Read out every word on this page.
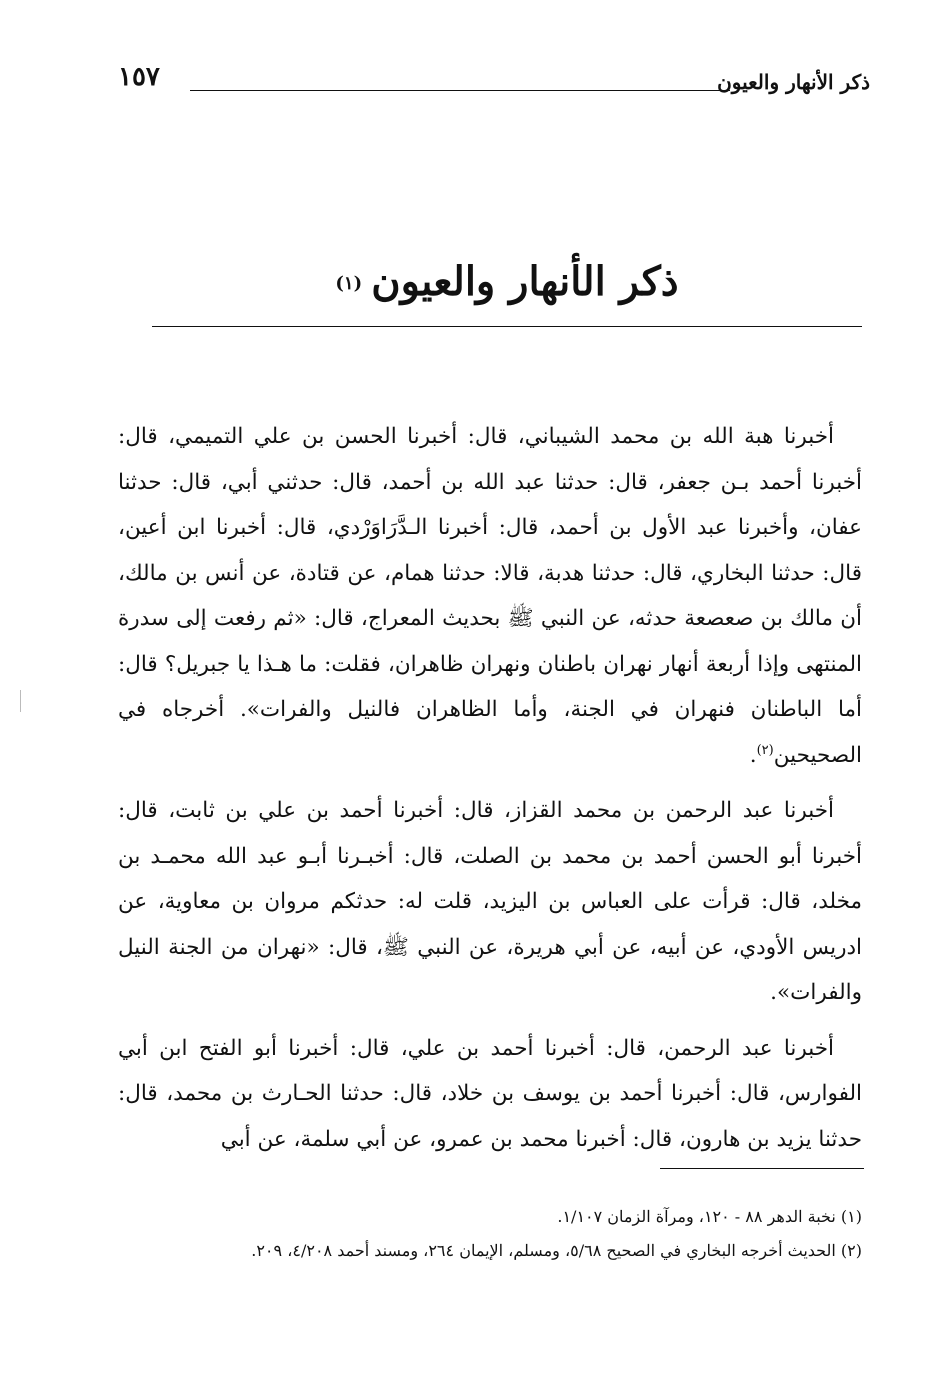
ذكر الأنهار والعيون
١٥٧
ذكر الأنهار والعيون (١)

أخبرنا هبة الله بن محمد الشيباني، قال: أخبرنا الحسن بن علي التميمي، قال: أخبرنا أحمد بـن جعفر، قال: حدثنا عبد الله بن أحمد، قال: حدثني أبي، قال: حدثنا عفان، وأخبرنا عبد الأول بن أحمد، قال: أخبرنا الـدَّرَاوَرْدي، قال: أخبرنا ابن أعين، قال: حدثنا البخاري، قال: حدثنا هدبة، قالا: حدثنا همام، عن قتادة، عن أنس بن مالك، أن مالك بن صعصعة حدثه، عن النبي ﷺ بحديث المعراج، قال: «ثم رفعت إلى سدرة المنتهى وإذا أربعة أنهار نهران باطنان ونهران ظاهران، فقلت: ما هـذا يا جبريل؟ قال: أما الباطنان فنهران في الجنة، وأما الظاهران فالنيل والفرات». أخرجاه في الصحيحين$^{(٢)}$.

أخبرنا عبد الرحمن بن محمد القزاز، قال: أخبرنا أحمد بن علي بن ثابت، قال: أخبرنا أبو الحسن أحمد بن محمد بن الصلت، قال: أخبـرنا أبـو عبد الله محمـد بن مخلد، قال: قرأت على العباس بن اليزيد، قلت له: حدثكم مروان بن معاوية، عن ادريس الأودي، عن أبيه، عن أبي هريرة، عن النبي ﷺ، قال: «نهران من الجنة النيل والفرات».

أخبرنا عبد الرحمن، قال: أخبرنا أحمد بن علي، قال: أخبرنا أبو الفتح ابن أبي الفوارس، قال: أخبرنا أحمد بن يوسف بن خلاد، قال: حدثنا الحـارث بن محمد، قال: حدثنا يزيد بن هارون، قال: أخبرنا محمد بن عمرو، عن أبي سلمة، عن أبي

(١) نخبة الدهر ٨٨ - ١٢٠، ومرآة الزمان ١/١٠٧.

(٢) الحديث أخرجه البخاري في الصحيح ٥/٦٨، ومسلم، الإيمان ٢٦٤، ومسند أحمد ٤/٢٠٨، ٢٠٩.
